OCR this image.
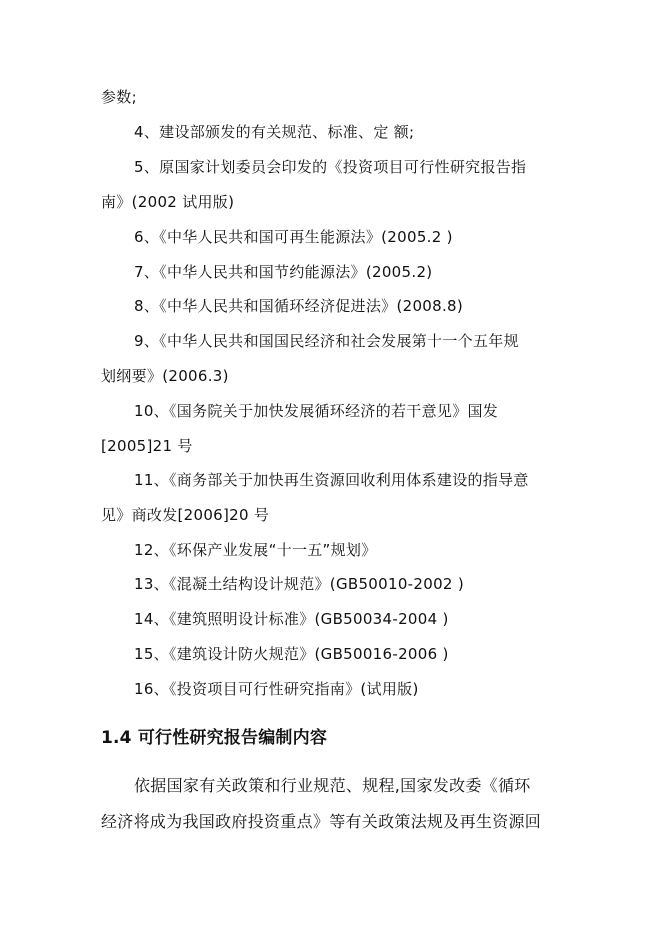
参数;
4、建设部颁发的有关规范、标准、定 额;
5、原国家计划委员会印发的《投资项目可行性研究报告指
南》(2002 试用版)
6、《中华人民共和国可再生能源法》(2005.2 )
7、《中华人民共和国节约能源法》(2005.2)
8、《中华人民共和国循环经济促进法》(2008.8)
9、《中华人民共和国国民经济和社会发展第十一个五年规
划纲要》(2006.3)
10、《国务院关于加快发展循环经济的若干意见》国发
[2005]21 号
11、《商务部关于加快再生资源回收利用体系建设的指导意
见》商改发[2006]20 号
12、《环保产业发展“十一五”规划》
13、《混凝土结构设计规范》(GB50010-2002 )
14、《建筑照明设计标准》(GB50034-2004 )
15、《建筑设计防火规范》(GB50016-2006 )
16、《投资项目可行性研究指南》(试用版)
1.4 可行性研究报告编制内容
依据国家有关政策和行业规范、规程,国家发改委《循环
经济将成为我国政府投资重点》等有关政策法规及再生资源回
